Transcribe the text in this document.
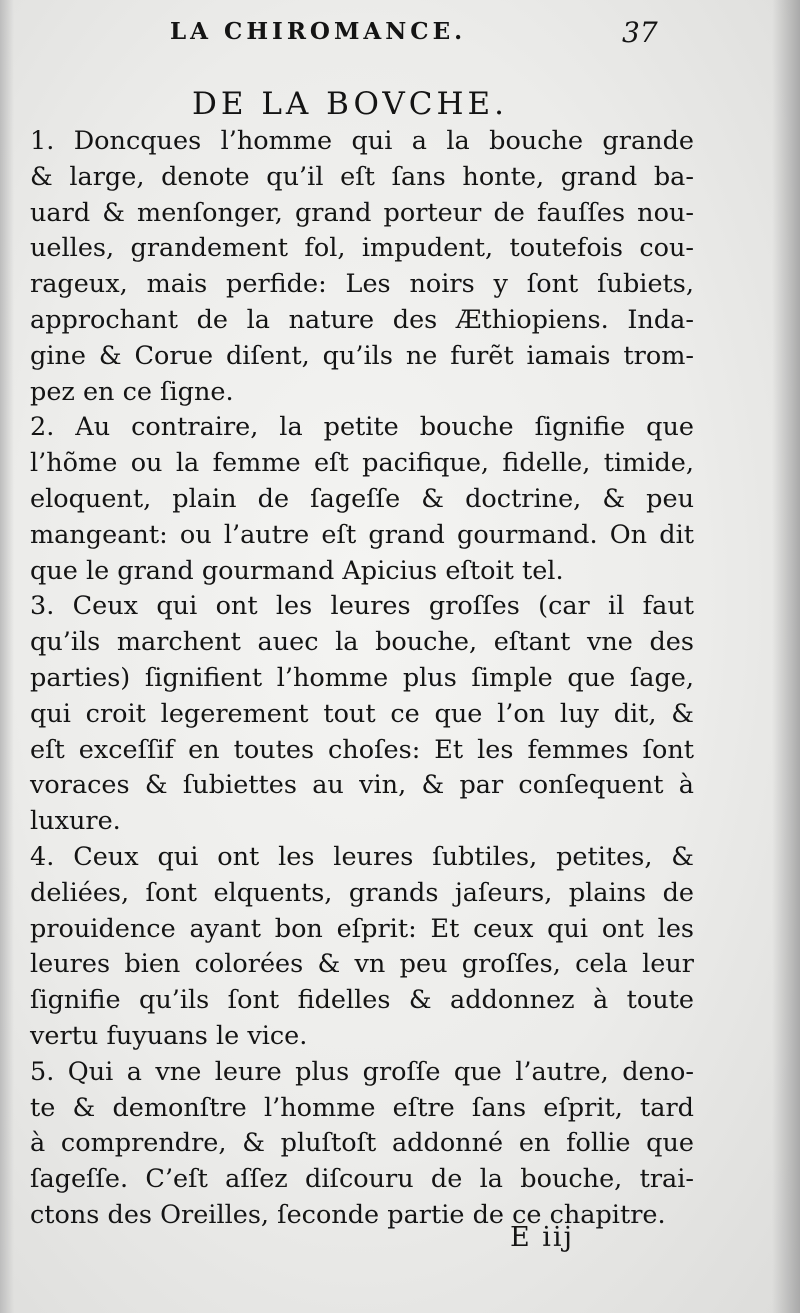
LA CHIROMANCE.	37
DE LA BOVCHE.
1. Doncques l’homme qui a la bouche grande
& large, denote qu’il eſt ſans honte, grand ba-
uard & menſonger, grand porteur de fauſſes nou-
uelles, grandement fol, impudent, toutefois cou-
rageux, mais perfide: Les noirs y ſont ſubiets,
approchant de la nature des Æthiopiens. Inda-
gine & Corue diſent, qu’ils ne furẽt iamais trom-
pez en ce ſigne.
2. Au contraire, la petite bouche ſignifie que
l’hõme ou la femme eſt pacifique, fidelle, timide,
eloquent, plain de ſageſſe & doctrine, & peu
mangeant: ou l’autre eſt grand gourmand. On dit
que le grand gourmand Apicius eſtoit tel.
3. Ceux qui ont les leures groſſes (car il faut
qu’ils marchent auec la bouche, eſtant vne des
parties) ſignifient l’homme plus ſimple que ſage,
qui croit legerement tout ce que l’on luy dit, &
eſt exceſſif en toutes choſes: Et les femmes ſont
voraces & ſubiettes au vin, & par conſequent à
luxure.
4. Ceux qui ont les leures ſubtiles, petites, &
deliées, ſont elquents, grands jaſeurs, plains de
prouidence ayant bon eſprit: Et ceux qui ont les
leures bien colorées & vn peu groſſes, cela leur
ſignifie qu’ils ſont fidelles & addonnez à toute
vertu fuyuans le vice.
5. Qui a vne leure plus groſſe que l’autre, deno-
te & demonſtre l’homme eſtre ſans eſprit, tard
à comprendre, & pluſtoſt addonné en follie que
ſageſſe. C’eſt aſſez diſcouru de la bouche, trai-
ctons des Oreilles, ſeconde partie de ce chapitre.
E iij
